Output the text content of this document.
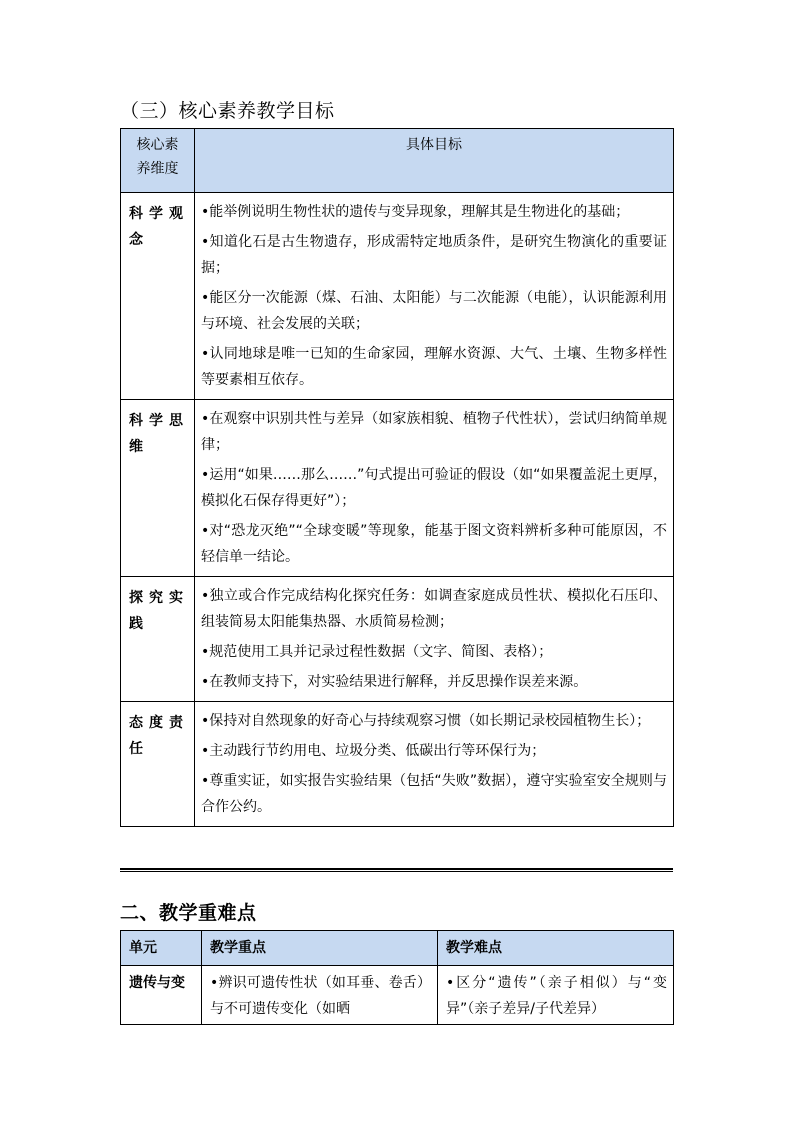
（三）核心素养教学目标
核心素养维度	具体目标
科学观念	•能举例说明生物性状的遗传与变异现象，理解其是生物进化的基础；

•知道化石是古生物遗存，形成需特定地质条件，是研究生物演化的重要证据；

•能区分一次能源（煤、石油、太阳能）与二次能源（电能），认识能源利用与环境、社会发展的关联；

•认同地球是唯一已知的生命家园，理解水资源、大气、土壤、生物多样性等要素相互依存。

科学思维	•在观察中识别共性与差异（如家族相貌、植物子代性状），尝试归纳简单规律；

•运用“如果……那么……”句式提出可验证的假设（如“如果覆盖泥土更厚，模拟化石保存得更好”）；

•对“恐龙灭绝”“全球变暖”等现象，能基于图文资料辨析多种可能原因，不轻信单一结论。

探究实践	•独立或合作完成结构化探究任务：如调查家庭成员性状、模拟化石压印、组装简易太阳能集热器、水质简易检测；

•规范使用工具并记录过程性数据（文字、简图、表格）；

•在教师支持下，对实验结果进行解释，并反思操作误差来源。

态度责任	•保持对自然现象的好奇心与持续观察习惯（如长期记录校园植物生长）；

•主动践行节约用电、垃圾分类、低碳出行等环保行为；

•尊重实证，如实报告实验结果（包括“失败”数据），遵守实验室安全规则与合作公约。

二、教学重难点
单元	教学重点	教学难点

遗传与变	•辨识可遗传性状（如耳垂、卷舌）与不可遗传变化（如晒	•区分“遗传”（亲子相似）与“变异”（亲子差异/子代差异）
